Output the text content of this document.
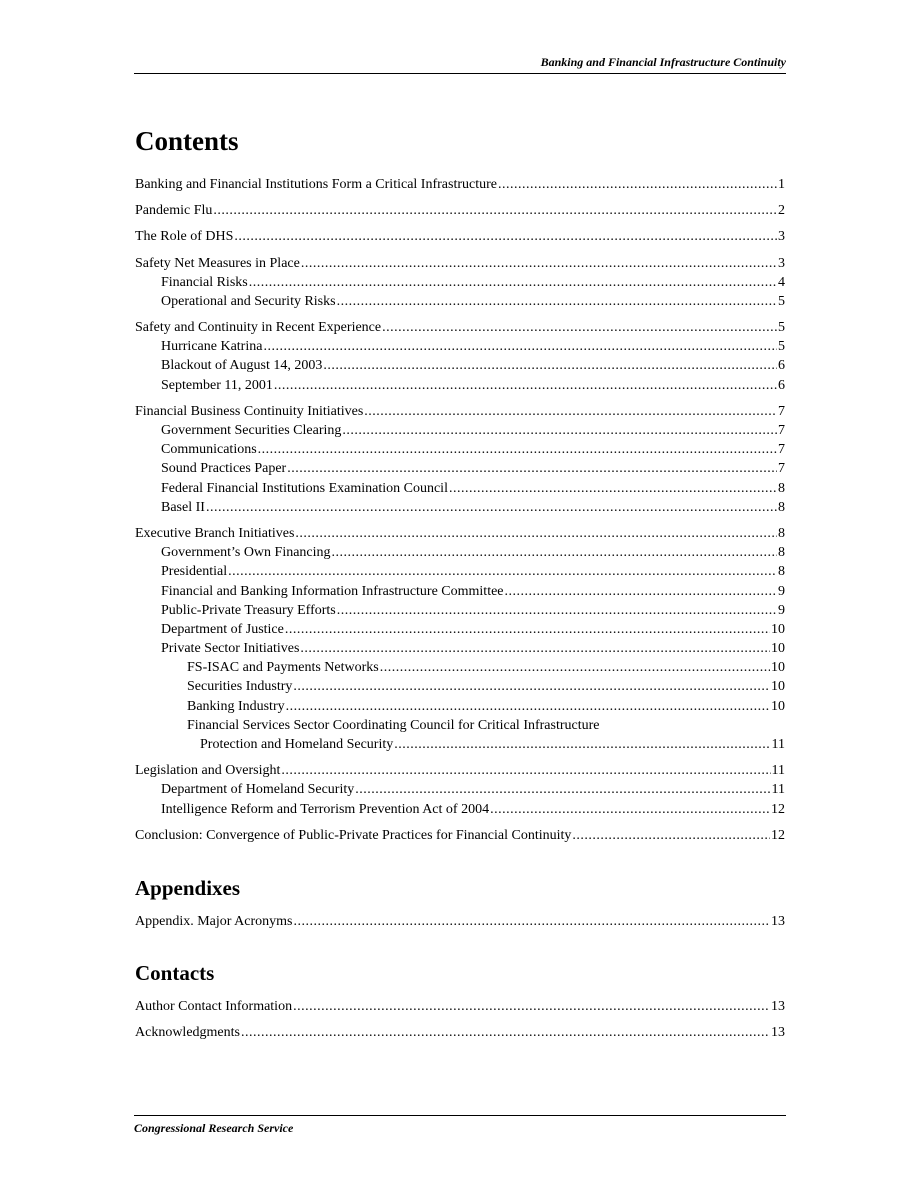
Banking and Financial Infrastructure Continuity
Contents
Banking and Financial Institutions Form a Critical Infrastructure .....	1
Pandemic Flu .....	2
The Role of DHS .....	3
Safety Net Measures in Place .....	3
Financial Risks .....	4
Operational and Security Risks .....	5
Safety and Continuity in Recent Experience .....	5
Hurricane Katrina .....	5
Blackout of August 14, 2003 .....	6
September 11, 2001 .....	6
Financial Business Continuity Initiatives .....	7
Government Securities Clearing .....	7
Communications .....	7
Sound Practices Paper .....	7
Federal Financial Institutions Examination Council .....	8
Basel II .....	8
Executive Branch Initiatives .....	8
Government’s Own Financing .....	8
Presidential .....	8
Financial and Banking Information Infrastructure Committee .....	9
Public-Private Treasury Efforts .....	9
Department of Justice .....	10
Private Sector Initiatives .....	10
FS-ISAC and Payments Networks .....	10
Securities Industry .....	10
Banking Industry .....	10
Financial Services Sector Coordinating Council for Critical Infrastructure
Protection and Homeland Security .....	11
Legislation and Oversight .....	11
Department of Homeland Security .....	11
Intelligence Reform and Terrorism Prevention Act of 2004 .....	12
Conclusion: Convergence of Public-Private Practices for Financial Continuity .....	12
Appendixes
Appendix. Major Acronyms .....	13
Contacts
Author Contact Information .....	13
Acknowledgments .....	13
Congressional Research Service
